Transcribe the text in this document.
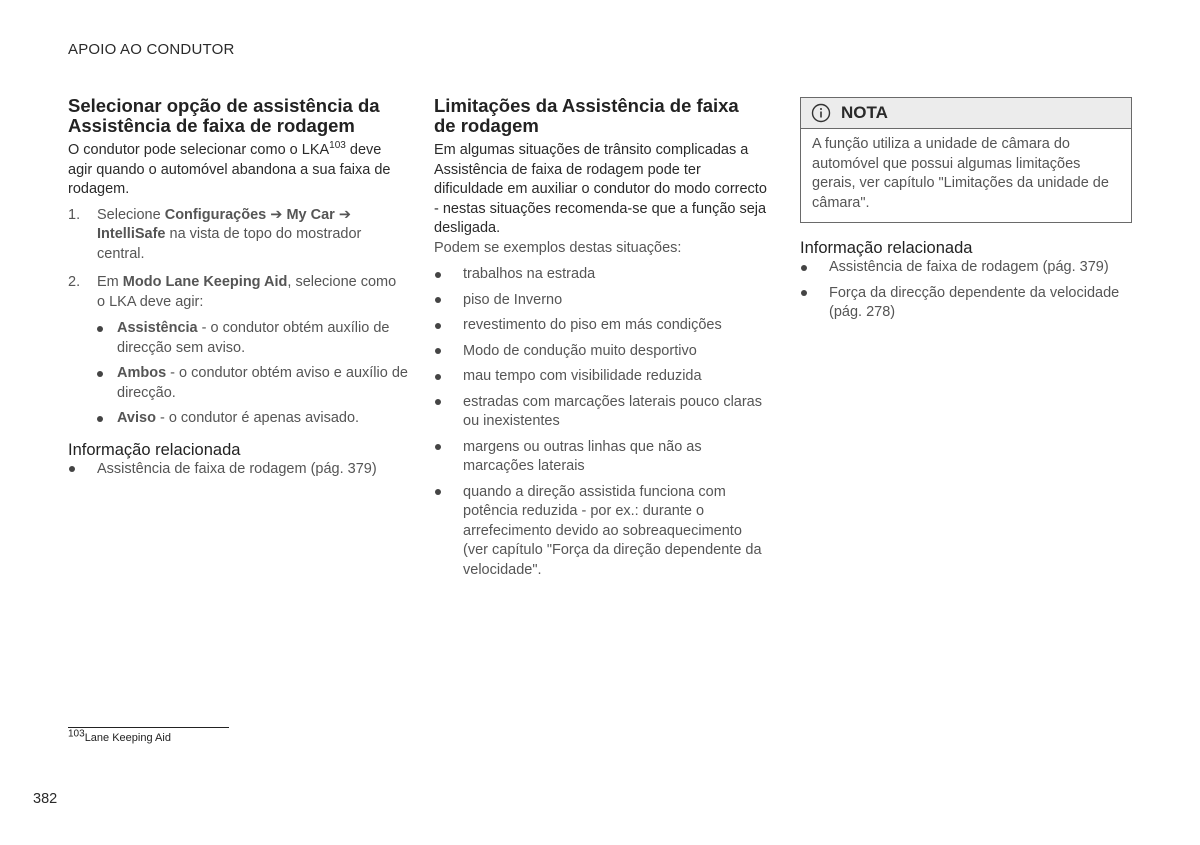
APOIO AO CONDUTOR
Selecionar opção de assistência da Assistência de faixa de rodagem

O condutor pode selecionar como o LKA$^{103}$ deve agir quando o automóvel abandona a sua faixa de rodagem.

1. Selecione Configurações ➔ My Car ➔ IntelliSafe na vista de topo do mostrador central.
2. Em Modo Lane Keeping Aid, selecione como o LKA deve agir:
Assistência - o condutor obtém auxílio de direcção sem aviso.
Ambos - o condutor obtém aviso e auxílio de direcção.
Aviso - o condutor é apenas avisado.
Informação relacionada
Assistência de faixa de rodagem (pág. 379)
Limitações da Assistência de faixa de rodagem

Em algumas situações de trânsito complicadas a Assistência de faixa de rodagem pode ter dificuldade em auxiliar o condutor do modo correcto - nestas situações recomenda-se que a função seja desligada.

Podem se exemplos destas situações:

trabalhos na estrada
piso de Inverno
revestimento do piso em más condições
Modo de condução muito desportivo
mau tempo com visibilidade reduzida
estradas com marcações laterais pouco claras ou inexistentes
margens ou outras linhas que não as marcações laterais
quando a direção assistida funciona com potência reduzida - por ex.: durante o arrefecimento devido ao sobreaquecimento (ver capítulo "Força da direção dependente da velocidade".
NOTA
A função utiliza a unidade de câmara do automóvel que possui algumas limitações gerais, ver capítulo "Limitações da unidade de câmara".
Informação relacionada
Assistência de faixa de rodagem (pág. 379)
Força da direcção dependente da velocidade (pág. 278)
$^{103}$Lane Keeping Aid
382
